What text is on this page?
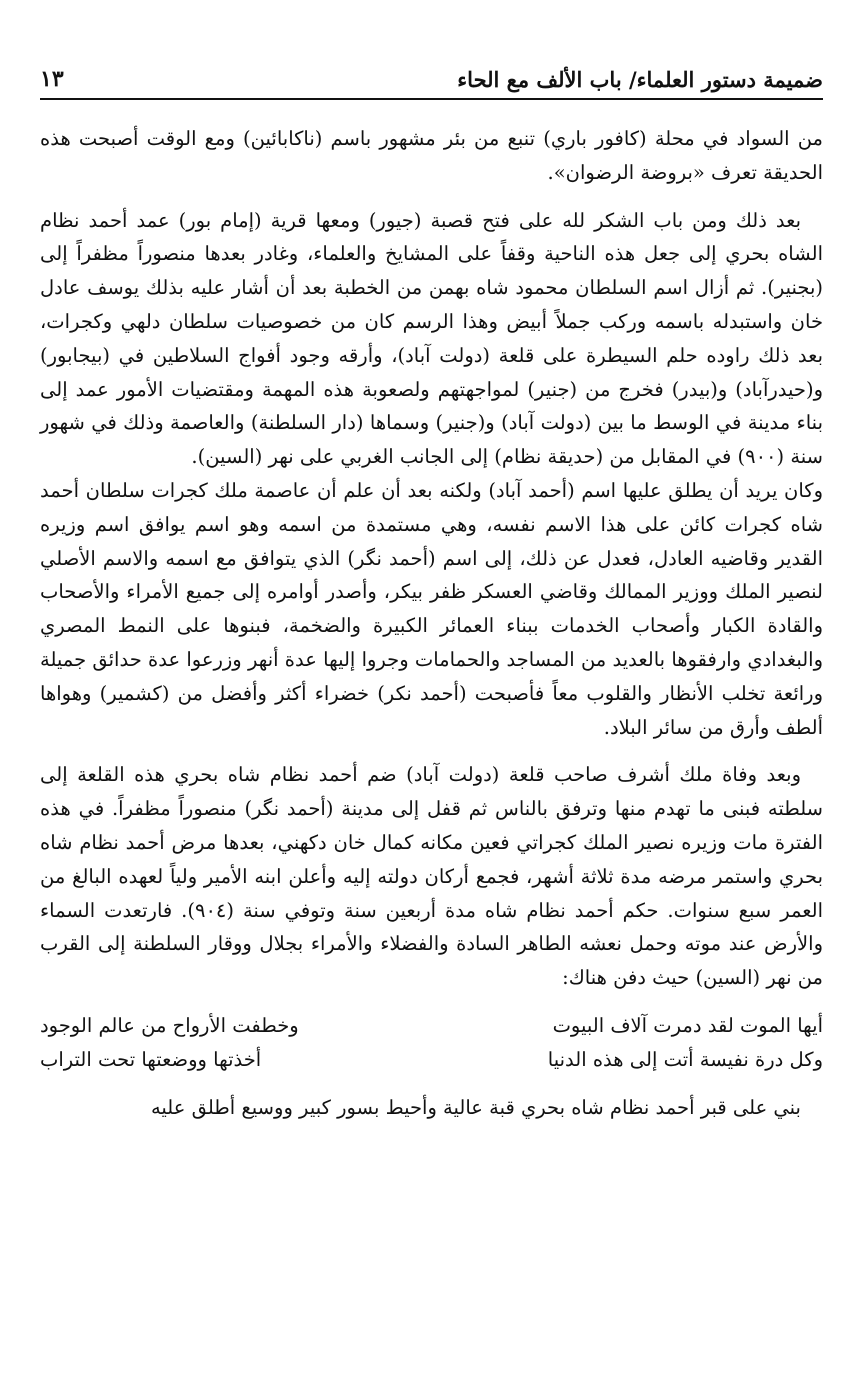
ضميمة دستور العلماء/ باب الألف مع الحاء
١٣

من السواد في محلة (كافور باري) تنبع من بئر مشهور باسم (ناكابائين) ومع الوقت أصبحت هذه الحديقة تعرف «بروضة الرضوان».

بعد ذلك ومن باب الشكر لله على فتح قصبة (جيور) ومعها قرية (إمام بور) عمد أحمد نظام الشاه بحري إلى جعل هذه الناحية وقفاً على المشايخ والعلماء، وغادر بعدها منصوراً مظفراً إلى (بجنير). ثم أزال اسم السلطان محمود شاه بهمن من الخطبة بعد أن أشار عليه بذلك يوسف عادل خان واستبدله باسمه وركب جملاً أبيض وهذا الرسم كان من خصوصيات سلطان دلهي وكجرات، بعد ذلك راوده حلم السيطرة على قلعة (دولت آباد)، وأرقه وجود أفواج السلاطين في (بيجابور) و(حيدرآباد) و(بيدر) فخرج من (جنير) لمواجهتهم ولصعوبة هذه المهمة ومقتضيات الأمور عمد إلى بناء مدينة في الوسط ما بين (دولت آباد) و(جنير) وسماها (دار السلطنة) والعاصمة وذلك في شهور سنة (٩٠٠) في المقابل من (حديقة نظام) إلى الجانب الغربي على نهر (السين).

وكان يريد أن يطلق عليها اسم (أحمد آباد) ولكنه بعد أن علم أن عاصمة ملك كجرات سلطان أحمد شاه كجرات كائن على هذا الاسم نفسه، وهي مستمدة من اسمه وهو اسم يوافق اسم وزيره القدير وقاضيه العادل، فعدل عن ذلك، إلى اسم (أحمد نگر) الذي يتوافق مع اسمه والاسم الأصلي لنصير الملك ووزير الممالك وقاضي العسكر ظفر بيكر، وأصدر أوامره إلى جميع الأمراء والأصحاب والقادة الكبار وأصحاب الخدمات ببناء العمائر الكبيرة والضخمة، فبنوها على النمط المصري والبغدادي وارفقوها بالعديد من المساجد والحمامات وجروا إليها عدة أنهر وزرعوا عدة حدائق جميلة ورائعة تخلب الأنظار والقلوب معاً فأصبحت (أحمد نكر) خضراء أكثر وأفضل من (كشمير) وهواها ألطف وأرق من سائر البلاد.

وبعد وفاة ملك أشرف صاحب قلعة (دولت آباد) ضم أحمد نظام شاه بحري هذه القلعة إلى سلطته فبنى ما تهدم منها وترفق بالناس ثم قفل إلى مدينة (أحمد نگر) منصوراً مظفراً. في هذه الفترة مات وزيره نصير الملك كجراتي فعين مكانه كمال خان دكهني، بعدها مرض أحمد نظام شاه بحري واستمر مرضه مدة ثلاثة أشهر، فجمع أركان دولته إليه وأعلن ابنه الأمير ولياً لعهده البالغ من العمر سبع سنوات. حكم أحمد نظام شاه مدة أربعين سنة وتوفي سنة (٩٠٤). فارتعدت السماء والأرض عند موته وحمل نعشه الطاهر السادة والفضلاء والأمراء بجلال ووقار السلطنة إلى القرب من نهر (السين) حيث دفن هناك:

أيها الموت لقد دمرت آلاف البيوت
وخطفت الأرواح من عالم الوجود
وكل درة نفيسة أتت إلى هذه الدنيا
أخذتها ووضعتها تحت التراب

بني على قبر أحمد نظام شاه بحري قبة عالية وأحيط بسور كبير ووسيع أطلق عليه
